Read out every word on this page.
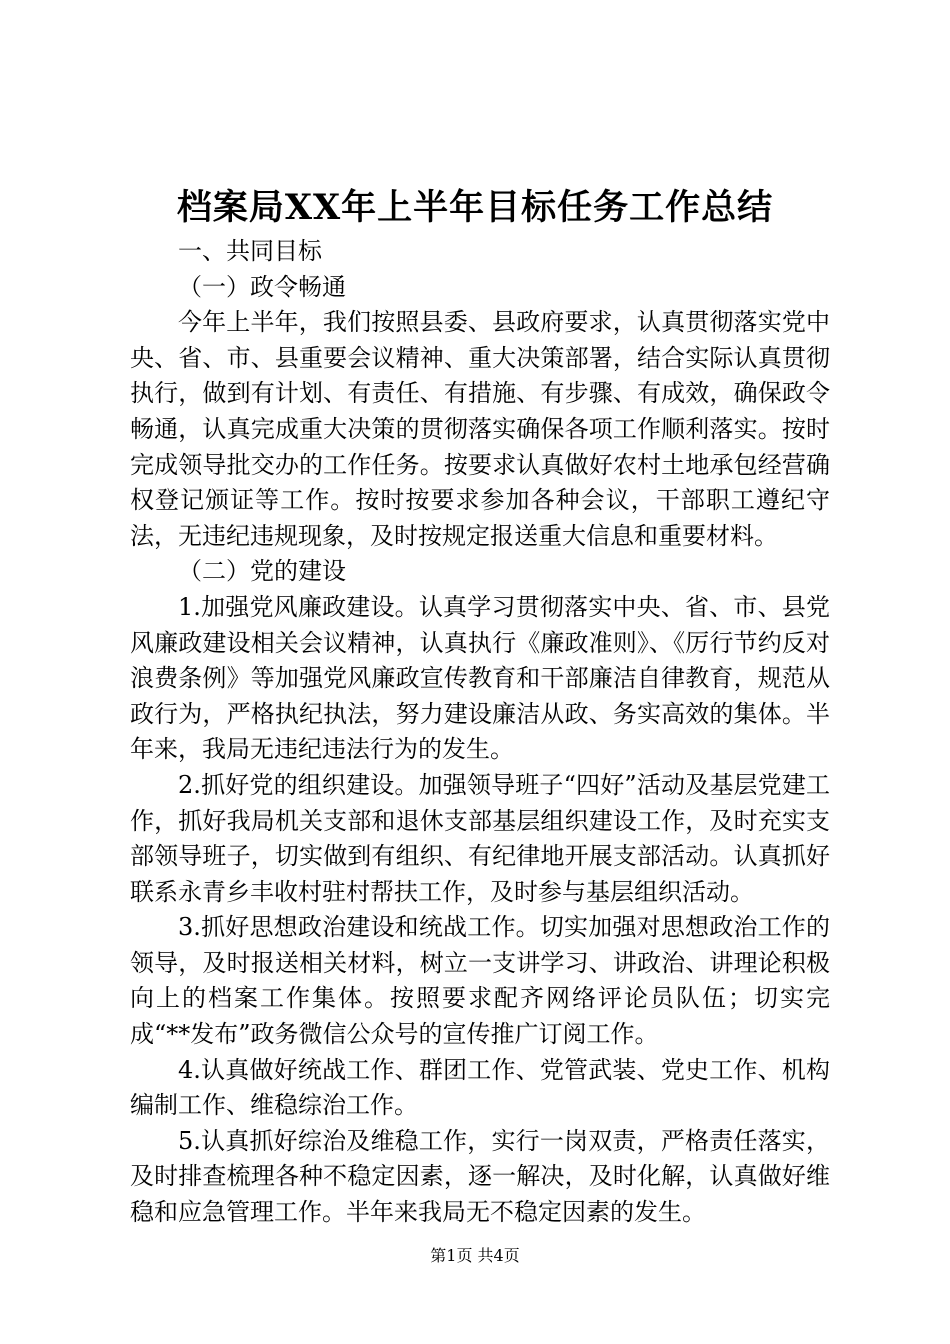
档案局XX年上半年目标任务工作总结

一、共同目标

（一）政令畅通

今年上半年，我们按照县委、县政府要求，认真贯彻落实党中央、省、市、县重要会议精神、重大决策部署，结合实际认真贯彻执行，做到有计划、有责任、有措施、有步骤、有成效，确保政令畅通，认真完成重大决策的贯彻落实确保各项工作顺利落实。按时完成领导批交办的工作任务。按要求认真做好农村土地承包经营确权登记颁证等工作。按时按要求参加各种会议，干部职工遵纪守法，无违纪违规现象，及时按规定报送重大信息和重要材料。

（二）党的建设

1.加强党风廉政建设。认真学习贯彻落实中央、省、市、县党风廉政建设相关会议精神，认真执行《廉政准则》、《厉行节约反对浪费条例》等加强党风廉政宣传教育和干部廉洁自律教育，规范从政行为，严格执纪执法，努力建设廉洁从政、务实高效的集体。半年来，我局无违纪违法行为的发生。

2.抓好党的组织建设。加强领导班子“四好”活动及基层党建工作，抓好我局机关支部和退休支部基层组织建设工作，及时充实支部领导班子，切实做到有组织、有纪律地开展支部活动。认真抓好联系永青乡丰收村驻村帮扶工作，及时参与基层组织活动。

3.抓好思想政治建设和统战工作。切实加强对思想政治工作的领导，及时报送相关材料，树立一支讲学习、讲政治、讲理论积极向上的档案工作集体。按照要求配齐网络评论员队伍；切实完成“**发布”政务微信公众号的宣传推广订阅工作。

4.认真做好统战工作、群团工作、党管武装、党史工作、机构编制工作、维稳综治工作。

5.认真抓好综治及维稳工作，实行一岗双责，严格责任落实，及时排查梳理各种不稳定因素，逐一解决，及时化解，认真做好维稳和应急管理工作。半年来我局无不稳定因素的发生。

第1页 共4页
